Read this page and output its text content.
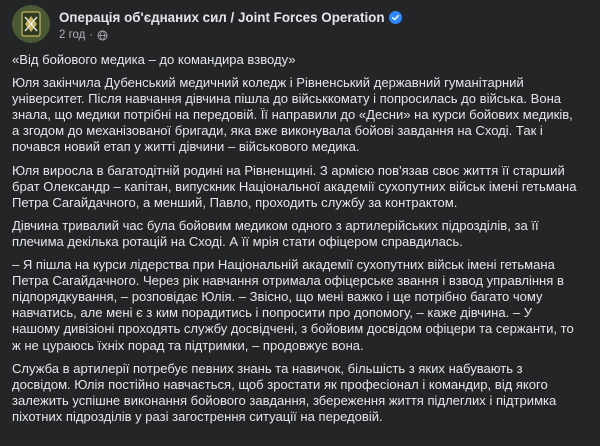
Операція об'єднаних сил / Joint Forces Operation
2 год ·

«Від бойового медика – до командира взводу»

Юля закінчила Дубенський медичний коледж і Рівненський державний гуманітарний
університет. Після навчання дівчина пішла до військкомату і попросилась до війська. Вона
знала, що медики потрібні на передовій. Її направили до «Десни» на курси бойових медиків,
а згодом до механізованої бригади, яка вже виконувала бойові завдання на Сході. Так і
почався новий етап у житті дівчини – військового медика.

Юля виросла в багатодітній родині на Рівненщині. З армією пов'язав своє життя її старший
брат Олександр – капітан, випускник Національної академії сухопутних військ імені гетьмана
Петра Сагайдачного, а менший, Павло, проходить службу за контрактом.

Дівчина тривалий час була бойовим медиком одного з артилерійських підрозділів, за її
плечима декілька ротацій на Сході. А її мрія стати офіцером справдилась.

– Я пішла на курси лідерства при Національній академії сухопутних військ імені гетьмана
Петра Сагайдачного. Через рік навчання отримала офіцерське звання і взвод управління в
підпорядкування, – розповідає Юлія. – Звісно, що мені важко і ще потрібно багато чому
навчатись, але мені є з ким порадитись і попросити про допомогу, – каже дівчина. – У
нашому дивізіоні проходять службу досвідчені, з бойовим досвідом офіцери та сержанти, то
ж не цураюсь їхніх порад та підтримки, – продовжує вона.

Служба в артилерії потребує певних знань та навичок, більшість з яких набувають з
досвідом. Юлія постійно навчається, щоб зростати як професіонал і командир, від якого
залежить успішне виконання бойового завдання, збереження життя підлеглих і підтримка
піхотних підрозділів у разі загострення ситуації на передовій.
